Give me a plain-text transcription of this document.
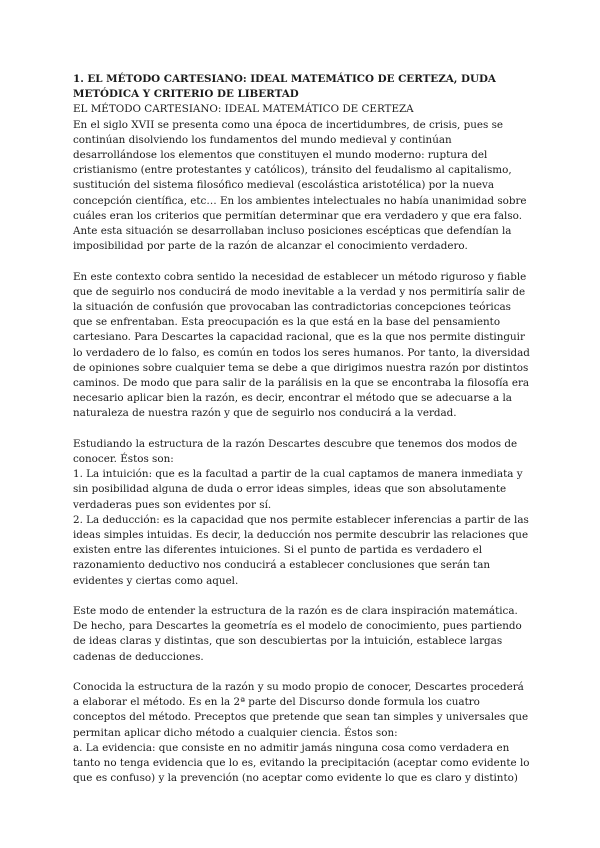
1. EL MÉTODO CARTESIANO: IDEAL MATEMÁTICO DE CERTEZA, DUDA METÓDICA Y CRITERIO DE LIBERTAD

EL MÉTODO CARTESIANO: IDEAL MATEMÁTICO DE CERTEZA

En el siglo XVII se presenta como una época de incertidumbres, de crisis, pues se continúan disolviendo los fundamentos del mundo medieval y continúan desarrollándose los elementos que constituyen el mundo moderno: ruptura del cristianismo (entre protestantes y católicos), tránsito del feudalismo al capitalismo, sustitución del sistema filosófico medieval (escolástica aristotélica) por la nueva concepción científica, etc… En los ambientes intelectuales no había unanimidad sobre cuáles eran los criterios que permitían determinar que era verdadero y que era falso. Ante esta situación se desarrollaban incluso posiciones escépticas que defendían la imposibilidad por parte de la razón de alcanzar el conocimiento verdadero.

En este contexto cobra sentido la necesidad de establecer un método riguroso y fiable que de seguirlo nos conducirá de modo inevitable a la verdad y nos permitiría salir de la situación de confusión que provocaban las contradictorias concepciones teóricas que se enfrentaban. Esta preocupación es la que está en la base del pensamiento cartesiano. Para Descartes la capacidad racional, que es la que nos permite distinguir lo verdadero de lo falso, es común en todos los seres humanos. Por tanto, la diversidad de opiniones sobre cualquier tema se debe a que dirigimos nuestra razón por distintos caminos. De modo que para salir de la parálisis en la que se encontraba la filosofía era necesario aplicar bien la razón, es decir, encontrar el método que se adecuarse a la naturaleza de nuestra razón y que de seguirlo nos conducirá a la verdad.

Estudiando la estructura de la razón Descartes descubre que tenemos dos modos de conocer. Éstos son:

1. La intuición: que es la facultad a partir de la cual captamos de manera inmediata y sin posibilidad alguna de duda o error ideas simples, ideas que son absolutamente verdaderas pues son evidentes por sí.

2. La deducción: es la capacidad que nos permite establecer inferencias a partir de las ideas simples intuidas. Es decir, la deducción nos permite descubrir las relaciones que existen entre las diferentes intuiciones. Si el punto de partida es verdadero el razonamiento deductivo nos conducirá a establecer conclusiones que serán tan evidentes y ciertas como aquel.

Este modo de entender la estructura de la razón es de clara inspiración matemática. De hecho, para Descartes la geometría es el modelo de conocimiento, pues partiendo de ideas claras y distintas, que son descubiertas por la intuición, establece largas cadenas de deducciones.

Conocida la estructura de la razón y su modo propio de conocer, Descartes procederá a elaborar el método. Es en la 2ª parte del Discurso donde formula los cuatro conceptos del método. Preceptos que pretende que sean tan simples y universales que permitan aplicar dicho método a cualquier ciencia. Éstos son:

a. La evidencia: que consiste en no admitir jamás ninguna cosa como verdadera en tanto no tenga evidencia que lo es, evitando la precipitación (aceptar como evidente lo que es confuso) y la prevención (no aceptar como evidente lo que es claro y distinto)
